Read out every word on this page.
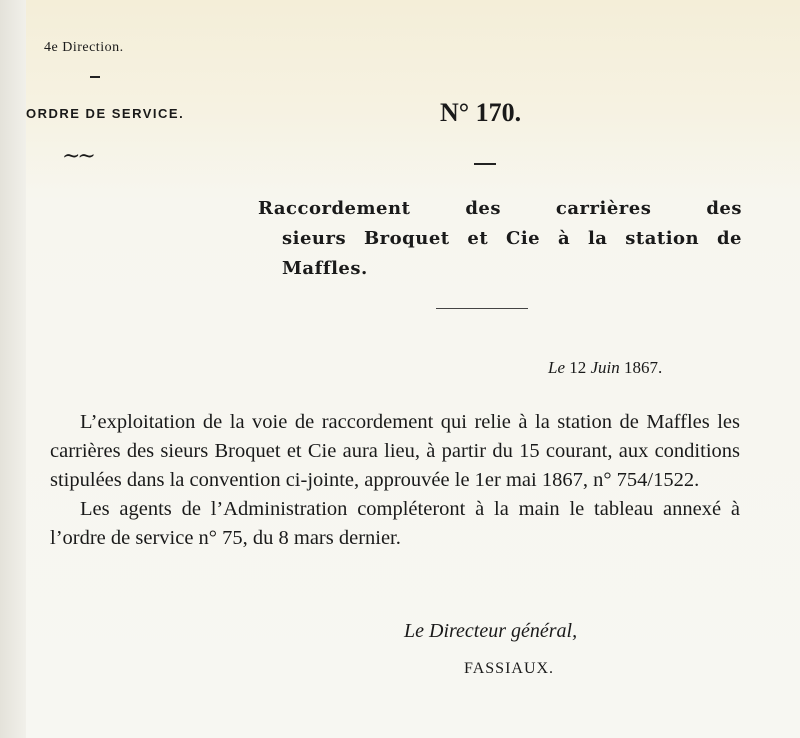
4e Direction.
ORDRE DE SERVICE.
~~
N° 170.
Raccordement des carrières des
sieurs Broquet et Cie à la station de
Maffles.
Le 12 Juin 1867.

L’exploitation de la voie de raccordement qui relie à la station de Maffles les carrières des sieurs Broquet et Cie aura lieu, à partir du 15 courant, aux conditions stipulées dans la convention ci-jointe, approuvée le 1er mai 1867, n° 754/1522.

Les agents de l’Administration compléteront à la main le tableau annexé à l’ordre de service n° 75, du 8 mars dernier.

Le Directeur général,
FASSIAUX.
